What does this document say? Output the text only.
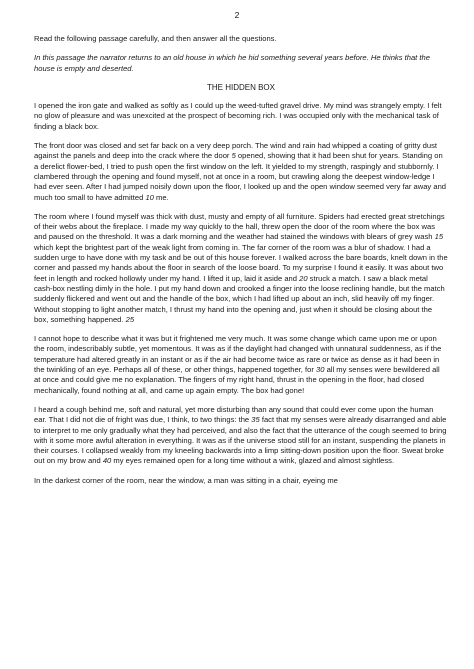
2

Read the following passage carefully, and then answer all the questions.

In this passage the narrator returns to an old house in which he hid something several years before. He thinks that the house is empty and deserted.

THE HIDDEN BOX

I opened the iron gate and walked as softly as I could up the weed-tufted gravel drive. My mind was strangely empty. I felt no glow of pleasure and was unexcited at the prospect of becoming rich. I was occupied only with the mechanical task of finding a black box.

The front door was closed and set far back on a very deep porch. The wind and rain had whipped a coating of gritty dust against the panels and deep into the crack where the door 5 opened, showing that it had been shut for years. Standing on a derelict flower-bed, I tried to push open the first window on the left. It yielded to my strength, raspingly and stubbornly. I clambered through the opening and found myself, not at once in a room, but crawling along the deepest window-ledge I had ever seen. After I had jumped noisily down upon the floor, I looked up and the open window seemed very far away and much too small to have admitted 10 me.

The room where I found myself was thick with dust, musty and empty of all furniture. Spiders had erected great stretchings of their webs about the fireplace. I made my way quickly to the hall, threw open the door of the room where the box was and paused on the threshold. It was a dark morning and the weather had stained the windows with blears of grey wash 15 which kept the brightest part of the weak light from coming in. The far corner of the room was a blur of shadow. I had a sudden urge to have done with my task and be out of this house forever. I walked across the bare boards, knelt down in the corner and passed my hands about the floor in search of the loose board. To my surprise I found it easily. It was about two feet in length and rocked hollowly under my hand. I lifted it up, laid it aside and 20 struck a match. I saw a black metal cash-box nestling dimly in the hole. I put my hand down and crooked a finger into the loose reclining handle, but the match suddenly flickered and went out and the handle of the box, which I had lifted up about an inch, slid heavily off my finger. Without stopping to light another match, I thrust my hand into the opening and, just when it should be closing about the box, something happened. 25

I cannot hope to describe what it was but it frightened me very much. It was some change which came upon me or upon the room, indescribably subtle, yet momentous. It was as if the daylight had changed with unnatural suddenness, as if the temperature had altered greatly in an instant or as if the air had become twice as rare or twice as dense as it had been in the twinkling of an eye. Perhaps all of these, or other things, happened together, for 30 all my senses were bewildered all at once and could give me no explanation. The fingers of my right hand, thrust in the opening in the floor, had closed mechanically, found nothing at all, and came up again empty. The box had gone!

I heard a cough behind me, soft and natural, yet more disturbing than any sound that could ever come upon the human ear. That I did not die of fright was due, I think, to two things: the 35 fact that my senses were already disarranged and able to interpret to me only gradually what they had perceived, and also the fact that the utterance of the cough seemed to bring with it some more awful alteration in everything. It was as if the universe stood still for an instant, suspending the planets in their courses. I collapsed weakly from my kneeling backwards into a limp sitting-down position upon the floor. Sweat broke out on my brow and 40 my eyes remained open for a long time without a wink, glazed and almost sightless.

In the darkest corner of the room, near the window, a man was sitting in a chair, eyeing me
